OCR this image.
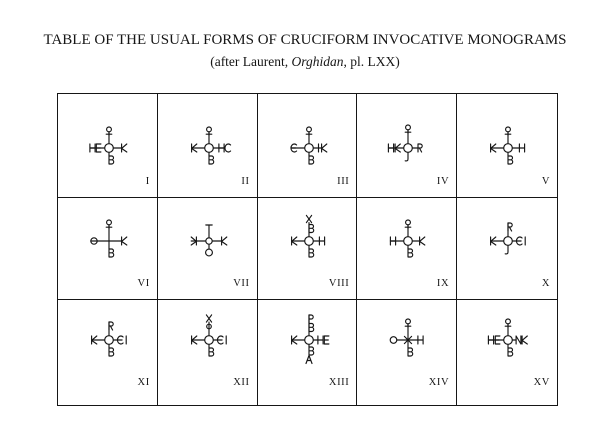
TABLE OF THE USUAL FORMS OF CRUCIFORM INVOCATIVE MONOGRAMS

(after Laurent, Orghidan, pl. LXX)

I	II	III	IV	V
VI	VII	VIII	IX	X
XI	XII	XIII	XIV	XV
